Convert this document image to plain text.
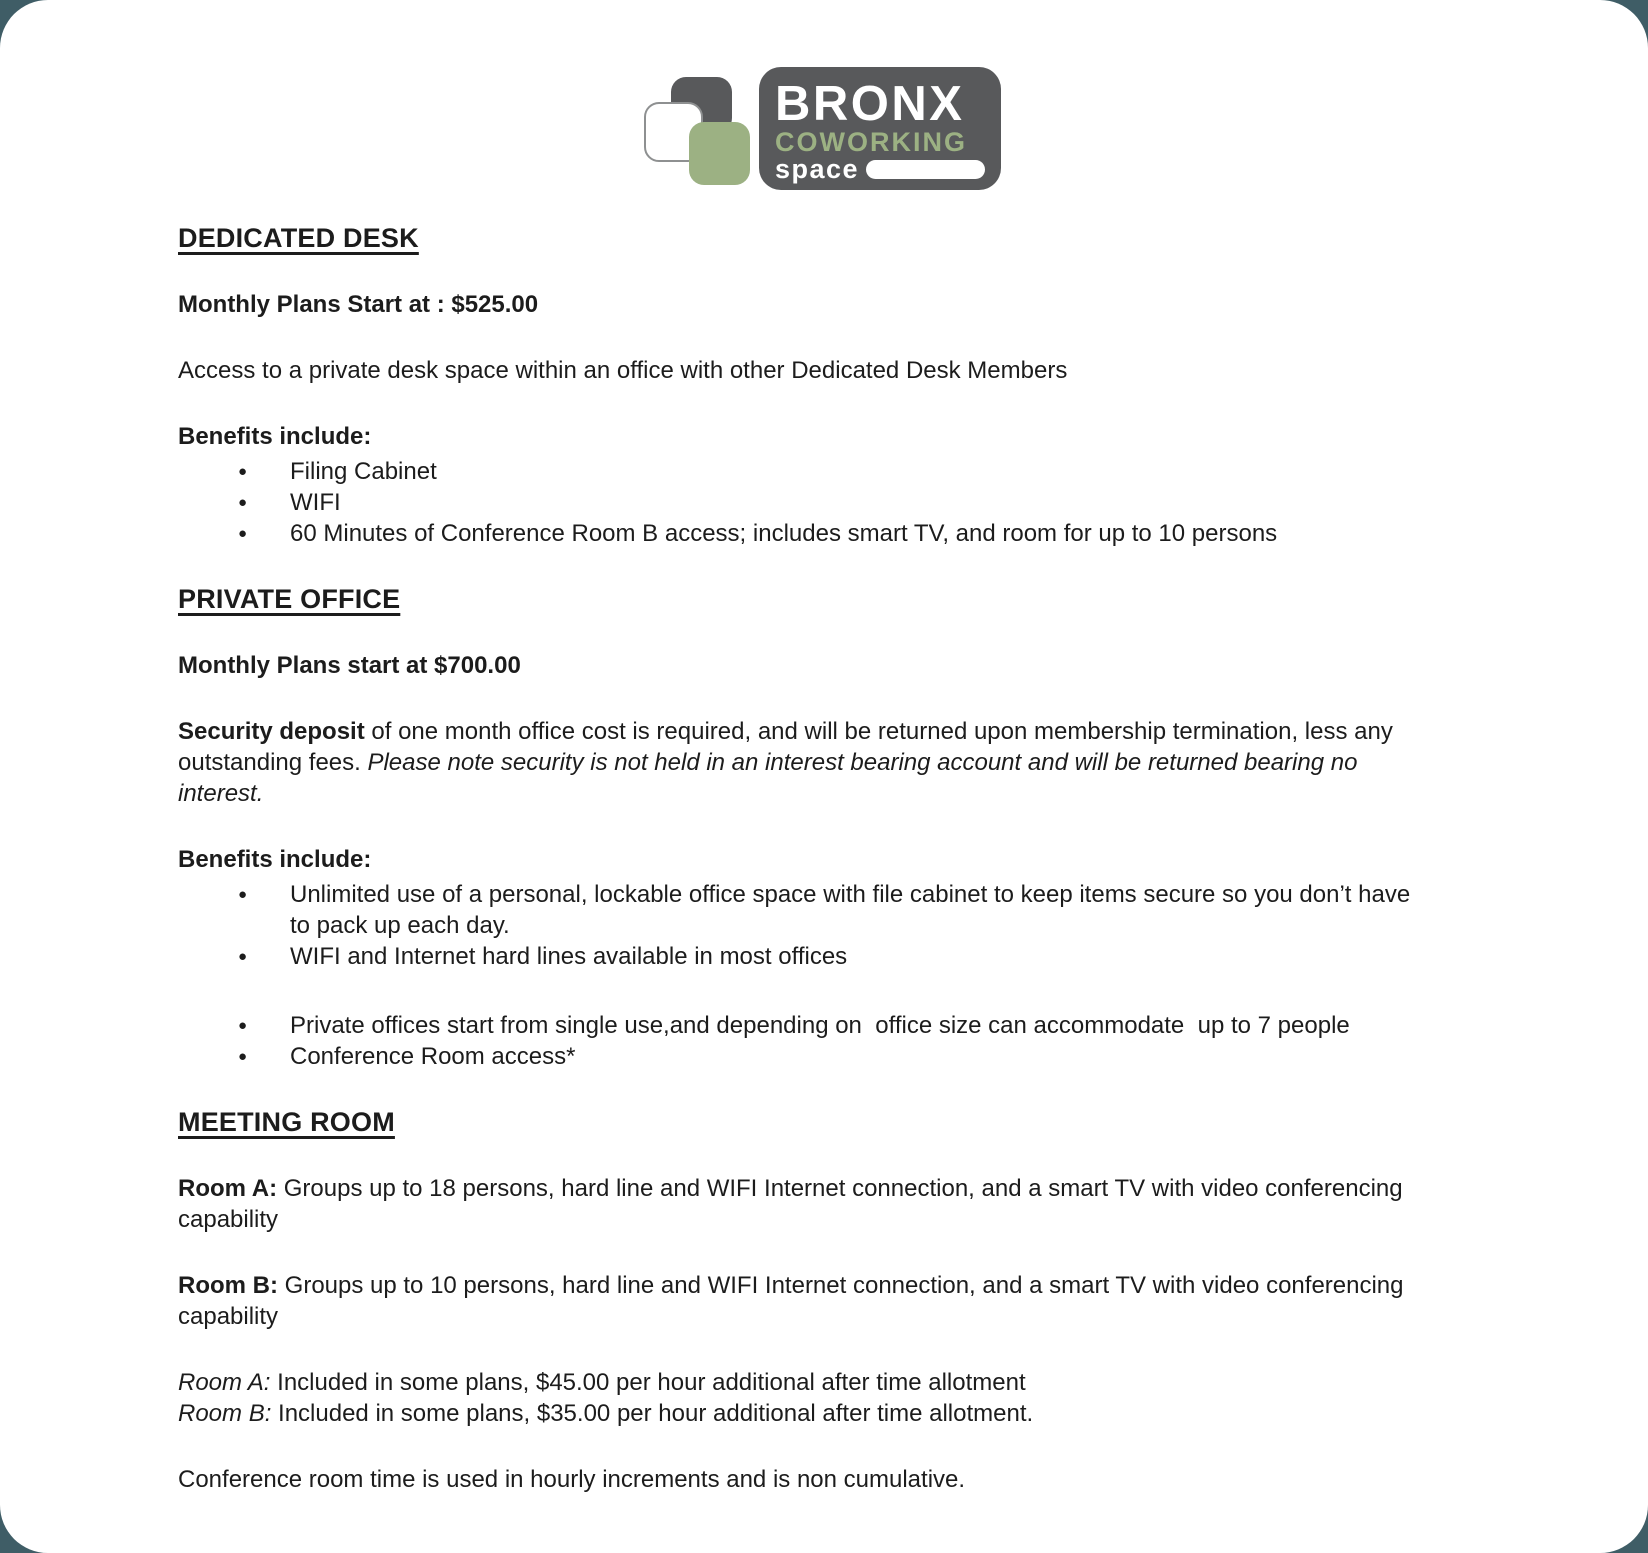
BRONX
COWORKING
space
DEDICATED DESK

Monthly Plans Start at : $525.00

Access to a private desk space within an office with other Dedicated Desk Members

Benefits include:

● Filing Cabinet
● WIFI
● 60 Minutes of Conference Room B access; includes smart TV, and room for up to 10 persons
PRIVATE OFFICE

Monthly Plans start at $700.00

Security deposit of one month office cost is required, and will be returned upon membership termination, less any outstanding fees. Please note security is not held in an interest bearing account and will be returned bearing no interest.

Benefits include:

● Unlimited use of a personal, lockable office space with file cabinet to keep items secure so you don’t have to pack up each day.
● WIFI and Internet hard lines available in most offices
● Private offices start from single use,and depending on  office size can accommodate  up to 7 people
● Conference Room access*
MEETING ROOM

Room A: Groups up to 18 persons, hard line and WIFI Internet connection, and a smart TV with video conferencing capability

Room B: Groups up to 10 persons, hard line and WIFI Internet connection, and a smart TV with video conferencing capability

Room A: Included in some plans, $45.00 per hour additional after time allotment
Room B: Included in some plans, $35.00 per hour additional after time allotment.

Conference room time is used in hourly increments and is non cumulative.
